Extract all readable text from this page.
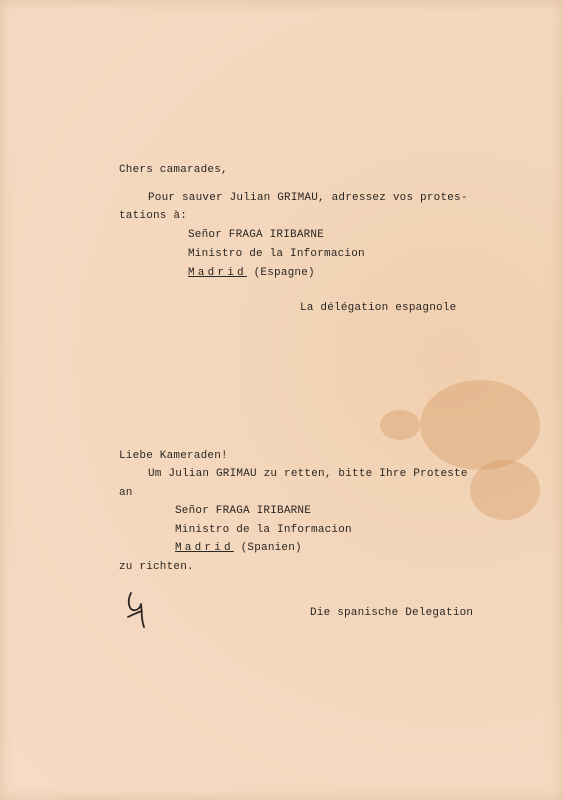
Chers camarades,
Pour sauver Julian GRIMAU, adressez vos protes-
tations à:
Señor FRAGA IRIBARNE
Ministro de la Informacion
Madrid (Espagne)
La délégation espagnole
Liebe Kameraden!
Um Julian GRIMAU zu retten, bitte Ihre Proteste
an
Señor FRAGA IRIBARNE
Ministro de la Informacion
Madrid (Spanien)
zu richten.
Die spanische Delegation
